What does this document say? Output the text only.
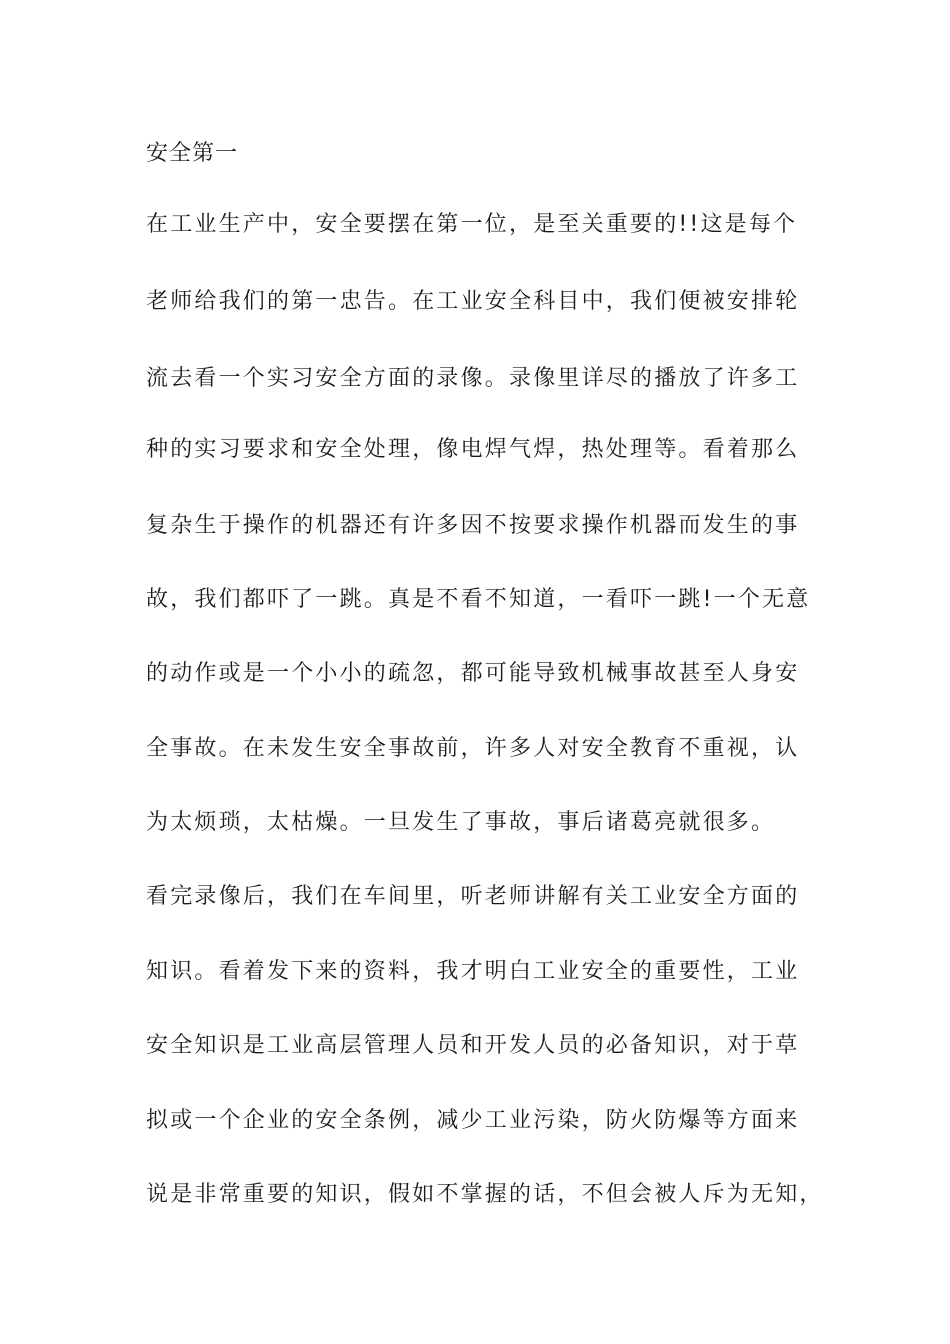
安全第一
在工业生产中，安全要摆在第一位，是至关重要的!!这是每个
老师给我们的第一忠告。在工业安全科目中，我们便被安排轮
流去看一个实习安全方面的录像。录像里详尽的播放了许多工
种的实习要求和安全处理，像电焊气焊，热处理等。看着那么
复杂生于操作的机器还有许多因不按要求操作机器而发生的事
故，我们都吓了一跳。真是不看不知道，一看吓一跳!一个无意
的动作或是一个小小的疏忽，都可能导致机械事故甚至人身安
全事故。在未发生安全事故前，许多人对安全教育不重视，认
为太烦琐，太枯燥。一旦发生了事故，事后诸葛亮就很多。
看完录像后，我们在车间里，听老师讲解有关工业安全方面的
知识。看着发下来的资料，我才明白工业安全的重要性，工业
安全知识是工业高层管理人员和开发人员的必备知识，对于草
拟或一个企业的安全条例，减少工业污染，防火防爆等方面来
说是非常重要的知识，假如不掌握的话，不但会被人斥为无知，
